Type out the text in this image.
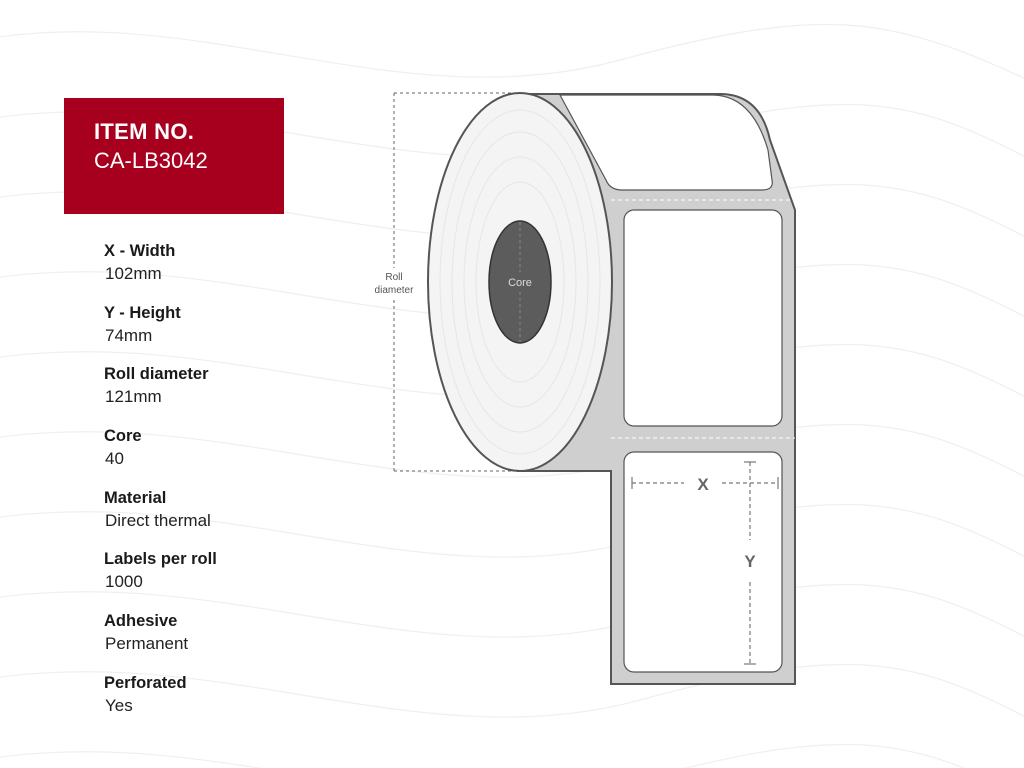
ITEM NO.
CA-LB3042
X - Width
102mm
Y - Height
74mm
Roll diameter
121mm
Core
40
Material
Direct thermal
Labels per roll
1000
Adhesive
Permanent
Perforated
Yes
Roll
diameter
Core
X
Y
